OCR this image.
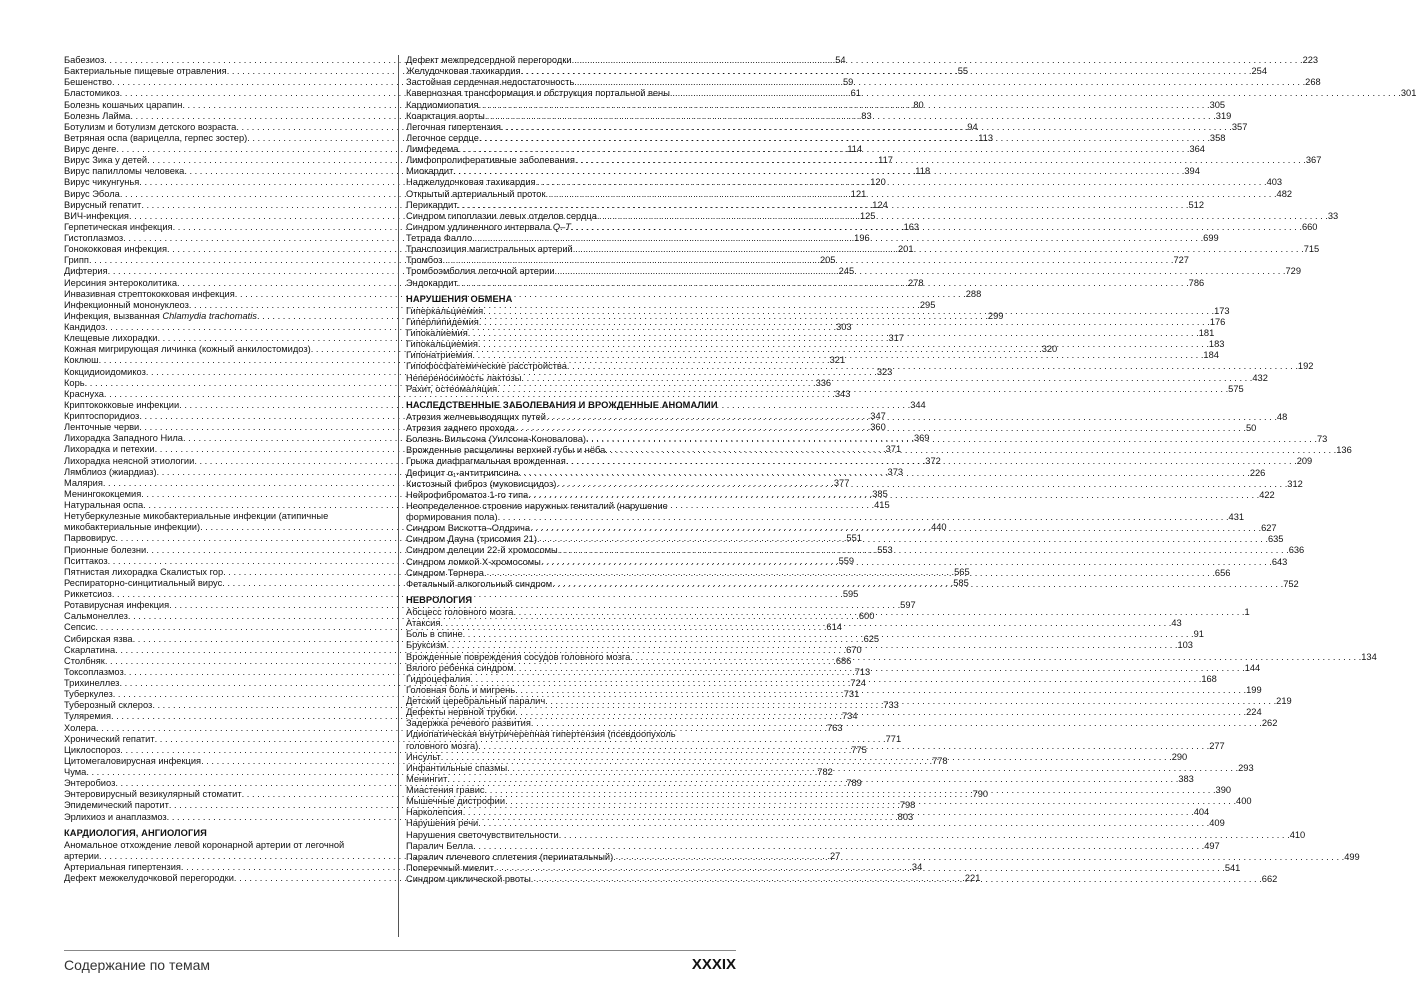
Бабезиоз . . .	54
Бактериальные пищевые отравления . . .	55
Бешенство . . .	59
Бластомикоз . . .	61
Болезнь кошачьих царапин . . .	80
Болезнь Лайма . . .	83
Ботулизм и ботулизм детского возраста . . .	94
Ветряная оспа (варицелла, герпес зостер) . . .	113
Вирус денге . . .	114
Вирус Зика у детей . . .	117
Вирус папилломы человека . . .	118
Вирус чикунгунья . . .	120
Вирус Эбола . . .	121
Вирусный гепатит . . .	124
ВИЧ-инфекция . . .	125
Герпетическая инфекция . . .	163
Гистоплазмоз . . .	196
Гонококковая инфекция . . .	201
Грипп . . .	205
Дифтерия . . .	245
Иерсиния энтероколитика . . .	278
Инвазивная стрептококковая инфекция . . .	288
Инфекционный мононуклеоз . . .	295
Инфекция, вызванная Chlamydia trachomatis . . .	299
Кандидоз . . .	303
Клещевые лихорадки . . .	317
Кожная мигрирующая личинка (кожный анкилостомидоз) . . .	320
Коклюш . . .	321
Кокцидиоидомикоз . . .	323
Корь . . .	336
Краснуха . . .	343
Криптококковые инфекции . . .	344
Криптоспоридиоз . . .	347
Ленточные черви . . .	360
Лихорадка Западного Нила . . .	369
Лихорадка и петехии . . .	371
Лихорадка неясной этиологии . . .	372
Лямблиоз (жиардиаз) . . .	373
Малярия . . .	377
Менингококцемия . . .	385
Натуральная оспа . . .	415
Нетуберкулезные микобактериальные инфекции (атипичные
микобактериальные инфекции) . . .	440
Парвовирус . . .	551
Прионные болезни . . .	553
Пситтакоз . . .	559
Пятнистая лихорадка Скалистых гор . . .	565
Респираторно-синцитиальный вирус . . .	585
Риккетсиоз . . .	595
Ротавирусная инфекция . . .	597
Сальмонеллез . . .	600
Сепсис . . .	614
Сибирская язва . . .	625
Скарлатина . . .	670
Столбняк . . .	686
Токсоплазмоз . . .	713
Трихинеллез . . .	724
Туберкулез . . .	731
Туберозный склероз . . .	733
Туляремия . . .	734
Холера . . .	763
Хронический гепатит . . .	771
Циклоспороз . . .	775
Цитомегаловирусная инфекция . . .	778
Чума . . .	782
Энтеробиоз . . .	789
Энтеровирусный везикулярный стоматит . . .	790
Эпидемический паротит . . .	798
Эрлихиоз и анаплазмоз . . .	803
КАРДИОЛОГИЯ, АНГИОЛОГИЯ
Аномальное отхождение левой коронарной артерии от легочной
артерии . . .	27
Артериальная гипертензия . . .	34
Дефект межжелудочковой перегородки . . .	221
Дефект межпредсердной перегородки . . .	223
Желудочковая тахикардия . . .	254
Застойная сердечная недостаточность . . .	268
Кавернозная трансформация и обструкция портальной вены . . .	301
Кардиомиопатия . . .	305
Коарктация аорты . . .	319
Легочная гипертензия . . .	357
Легочное сердце . . .	358
Лимфедема . . .	364
Лимфопролиферативные заболевания . . .	367
Миокардит . . .	394
Наджелудочковая тахикардия . . .	403
Открытый артериальный проток . . .	482
Перикардит . . .	512
Синдром гипоплазии левых отделов сердца . . .	33
Синдром удлиненного интервала Q–T . . .	660
Тетрада Фалло . . .	699
Транспозиция магистральных артерий . . .	715
Тромбоз . . .	727
Тромбоэмболия легочной артерии . . .	729
Эндокардит . . .	786
НАРУШЕНИЯ ОБМЕНА
Гиперкальциемия . . .	173
Гиперлипидемия . . .	176
Гипокалиемия . . .	181
Гипокальциемия . . .	183
Гипонатриемия . . .	184
Гипофосфатемические расстройства . . .	192
Непереносимость лактозы . . .	432
Рахит, остеомаляция . . .	575
НАСЛЕДСТВЕННЫЕ ЗАБОЛЕВАНИЯ И ВРОЖДЕННЫЕ АНОМАЛИИ
Атрезия желчевыводящих путей . . .	48
Атрезия заднего прохода . . .	50
Болезнь Вильсона (Уилсона-Коновалова) . . .	73
Врожденные расщелины верхней губы и нёба . . .	136
Грыжа диафрагмальная врожденная . . .	209
Дефицит α₁-антитрипсина . . .	226
Кистозный фиброз (муковисцидоз) . . .	312
Нейрофиброматоз 1-го типа . . .	422
Неопределенное строение наружных гениталий (нарушение
формирования пола) . . .	431
Синдром Вискотта–Олдрича . . .	627
Синдром Дауна (трисомия 21) . . .	635
Синдром делеции 22-й хромосомы . . .	636
Синдром ломкой X-хромосомы . . .	643
Синдром Тернера . . .	656
Фетальный алкогольный синдром . . .	752
НЕВРОЛОГИЯ
Абсцесс головного мозга . . .	1
Атаксия . . .	43
Боль в спине . . .	91
Бруксизм . . .	103
Врожденные повреждения сосудов головного мозга . . .	134
Вялого ребенка синдром . . .	144
Гидроцефалия . . .	168
Головная боль и мигрень . . .	199
Детский церебральный паралич . . .	219
Дефекты нервной трубки . . .	224
Задержка речевого развития . . .	262
Идиопатическая внутричерепная гипертензия (псевдоопухоль
головного мозга) . . .	277
Инсульт . . .	290
Инфантильные спазмы . . .	293
Менингит . . .	383
Миастения гравис . . .	390
Мышечные дистрофии . . .	400
Нарколепсия . . .	404
Нарушения речи . . .	409
Нарушения светочувствительности . . .	410
Паралич Белла . . .	497
Паралич плечевого сплетения (перинатальный) . . .	499
Поперечный миелит . . .	541
Синдром циклической рвоты . . .	662
Содержание по темам	XXXIX
